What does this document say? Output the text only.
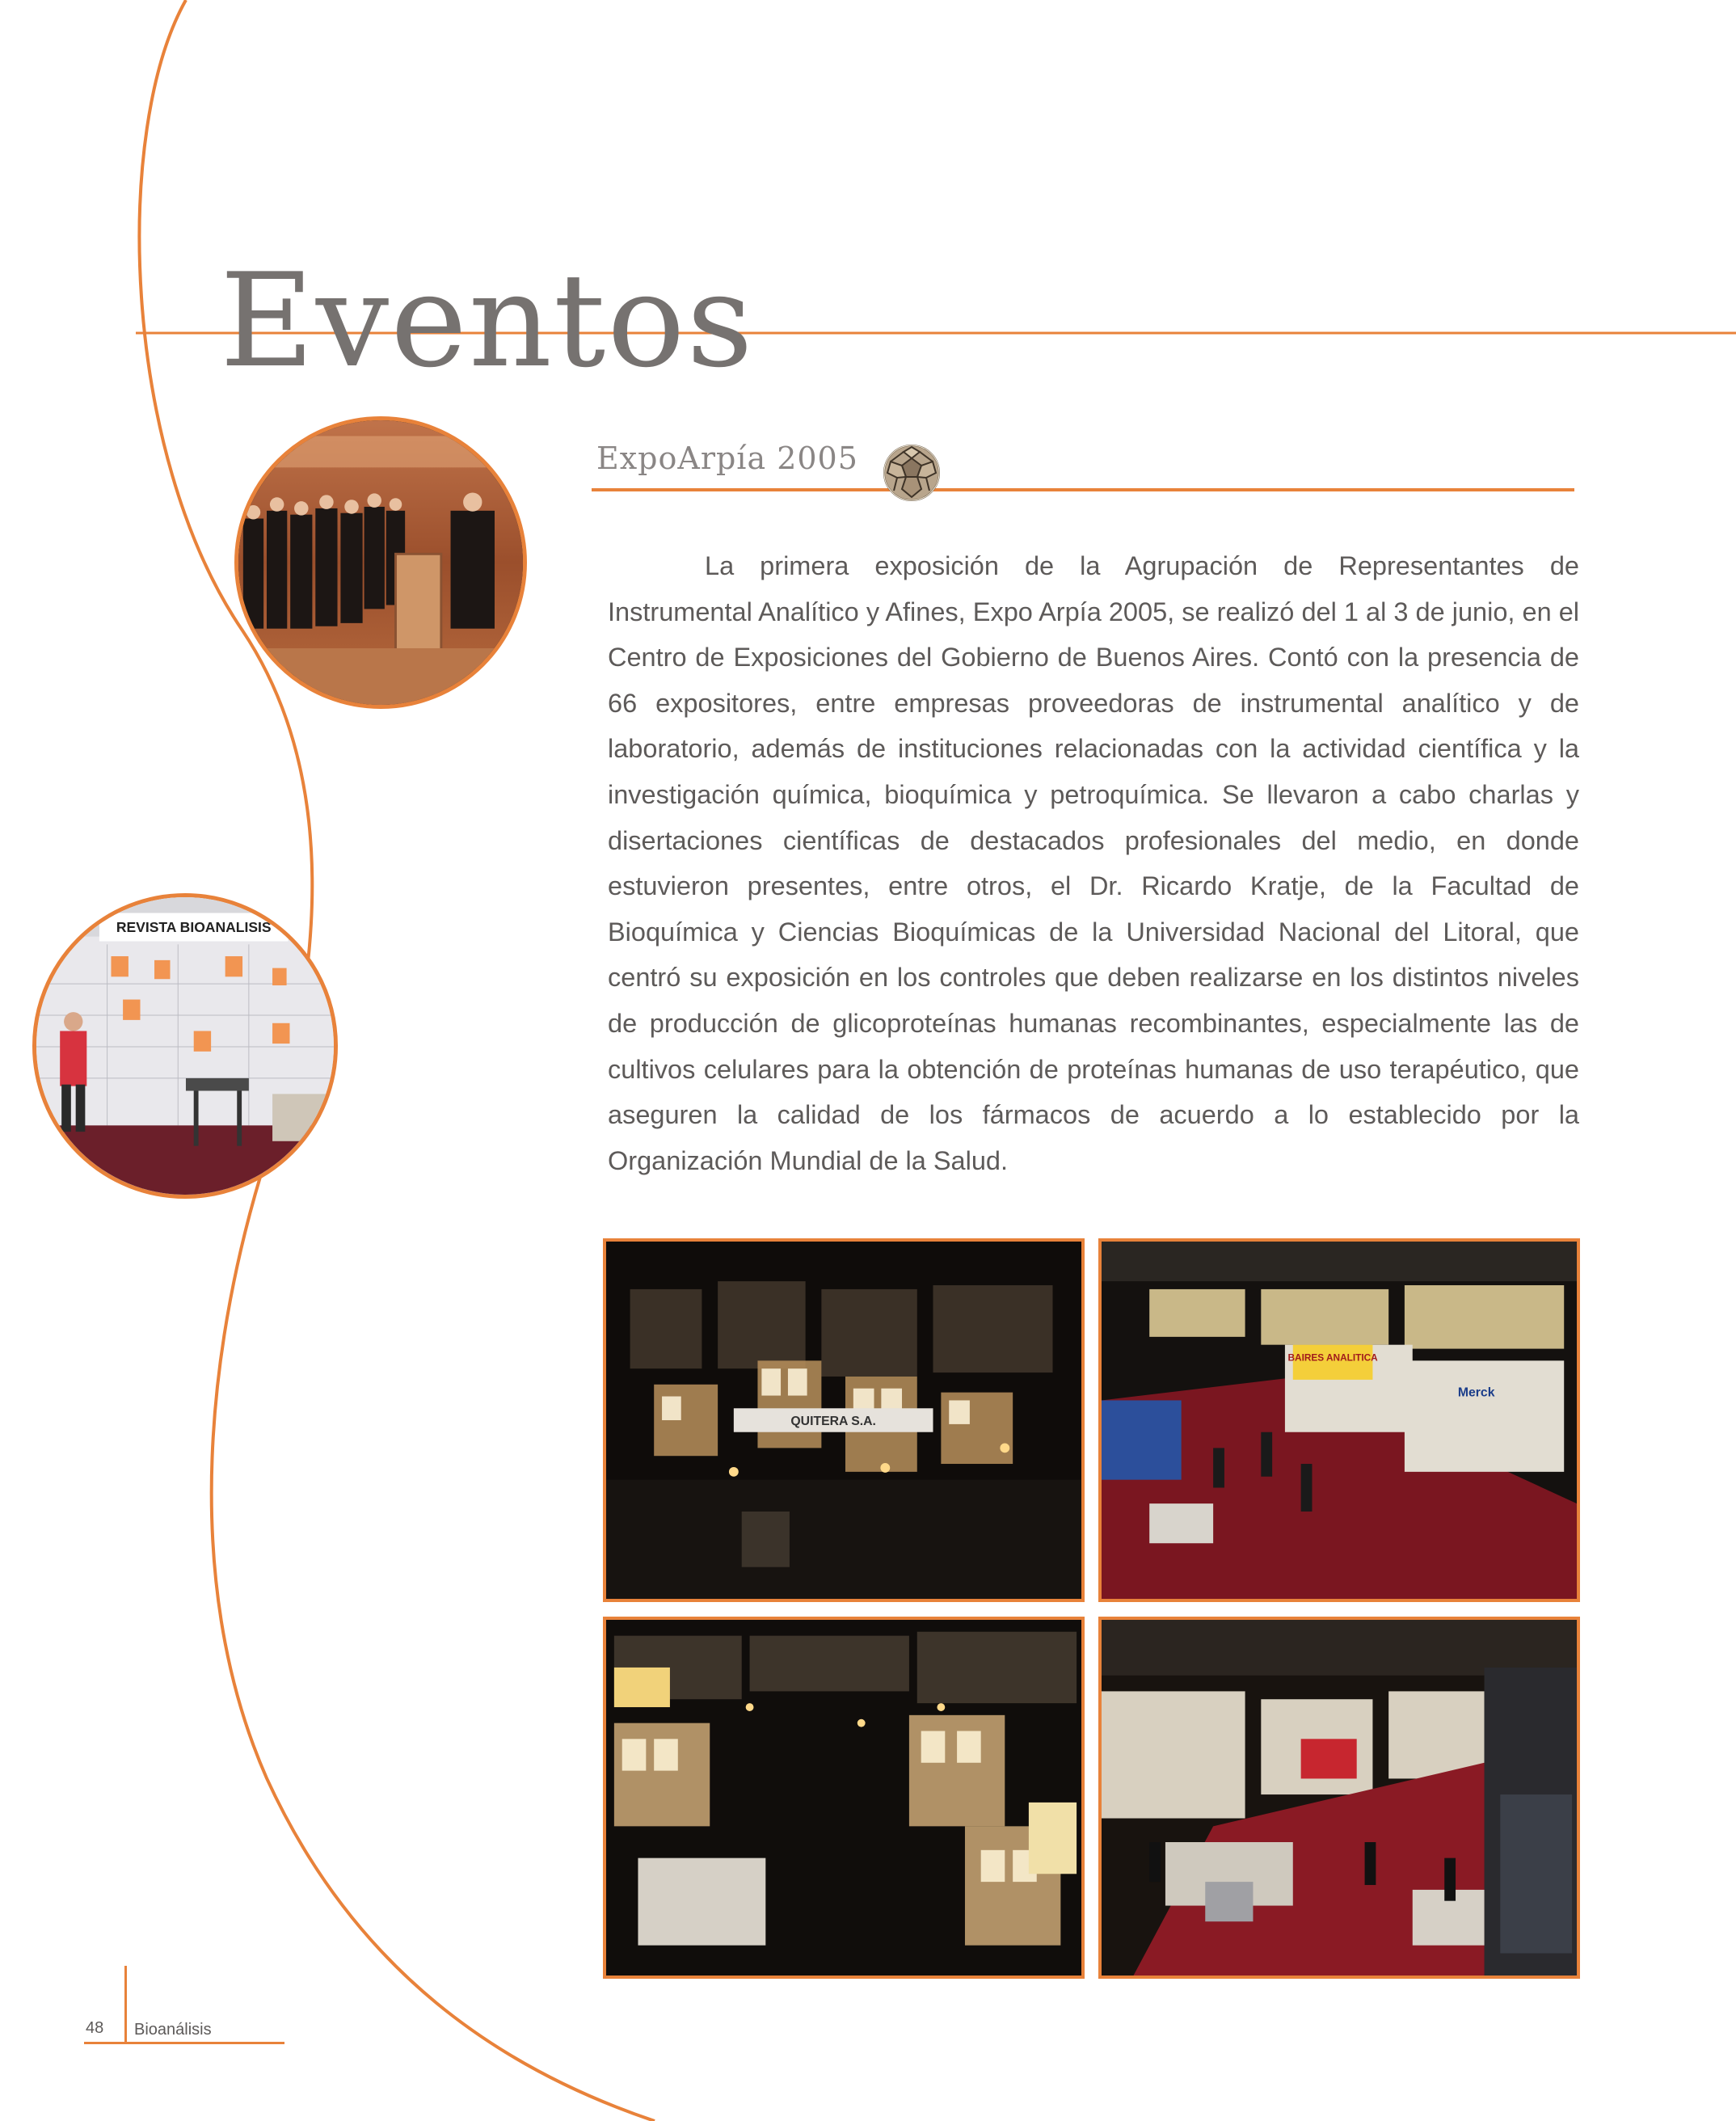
Eventos
ExpoArpía 2005

La primera exposición de la Agrupación de Representantes de Instrumental Analítico y Afines, Expo Arpía 2005, se realizó del 1 al 3 de junio, en el Centro de Exposiciones del Gobierno de Buenos Aires. Contó con la presencia de 66 expositores, entre empresas proveedoras de instrumental analítico y de laboratorio, además de instituciones relacionadas con la actividad científica y la investigación química, bioquímica y petroquímica. Se llevaron a cabo charlas y disertaciones científicas de destacados profesionales del medio, en donde estuvieron presentes, entre otros, el Dr. Ricardo Kratje, de la Facultad de Bioquímica y Ciencias Bioquímicas de la Universidad Nacional del Litoral, que centró su exposición en los controles que deben realizarse en los distintos niveles de producción de glicoproteínas humanas recombinantes, especialmente las de cultivos celulares para la obtención de proteínas humanas de uso terapéutico, que aseguren la calidad de los fármacos de acuerdo a lo establecido por la Organización Mundial de la Salud.

REVISTA BIOANALISIS
QUITERA S.A.
BAIRES ANALITICA
Merck
48 Bioanálisis
